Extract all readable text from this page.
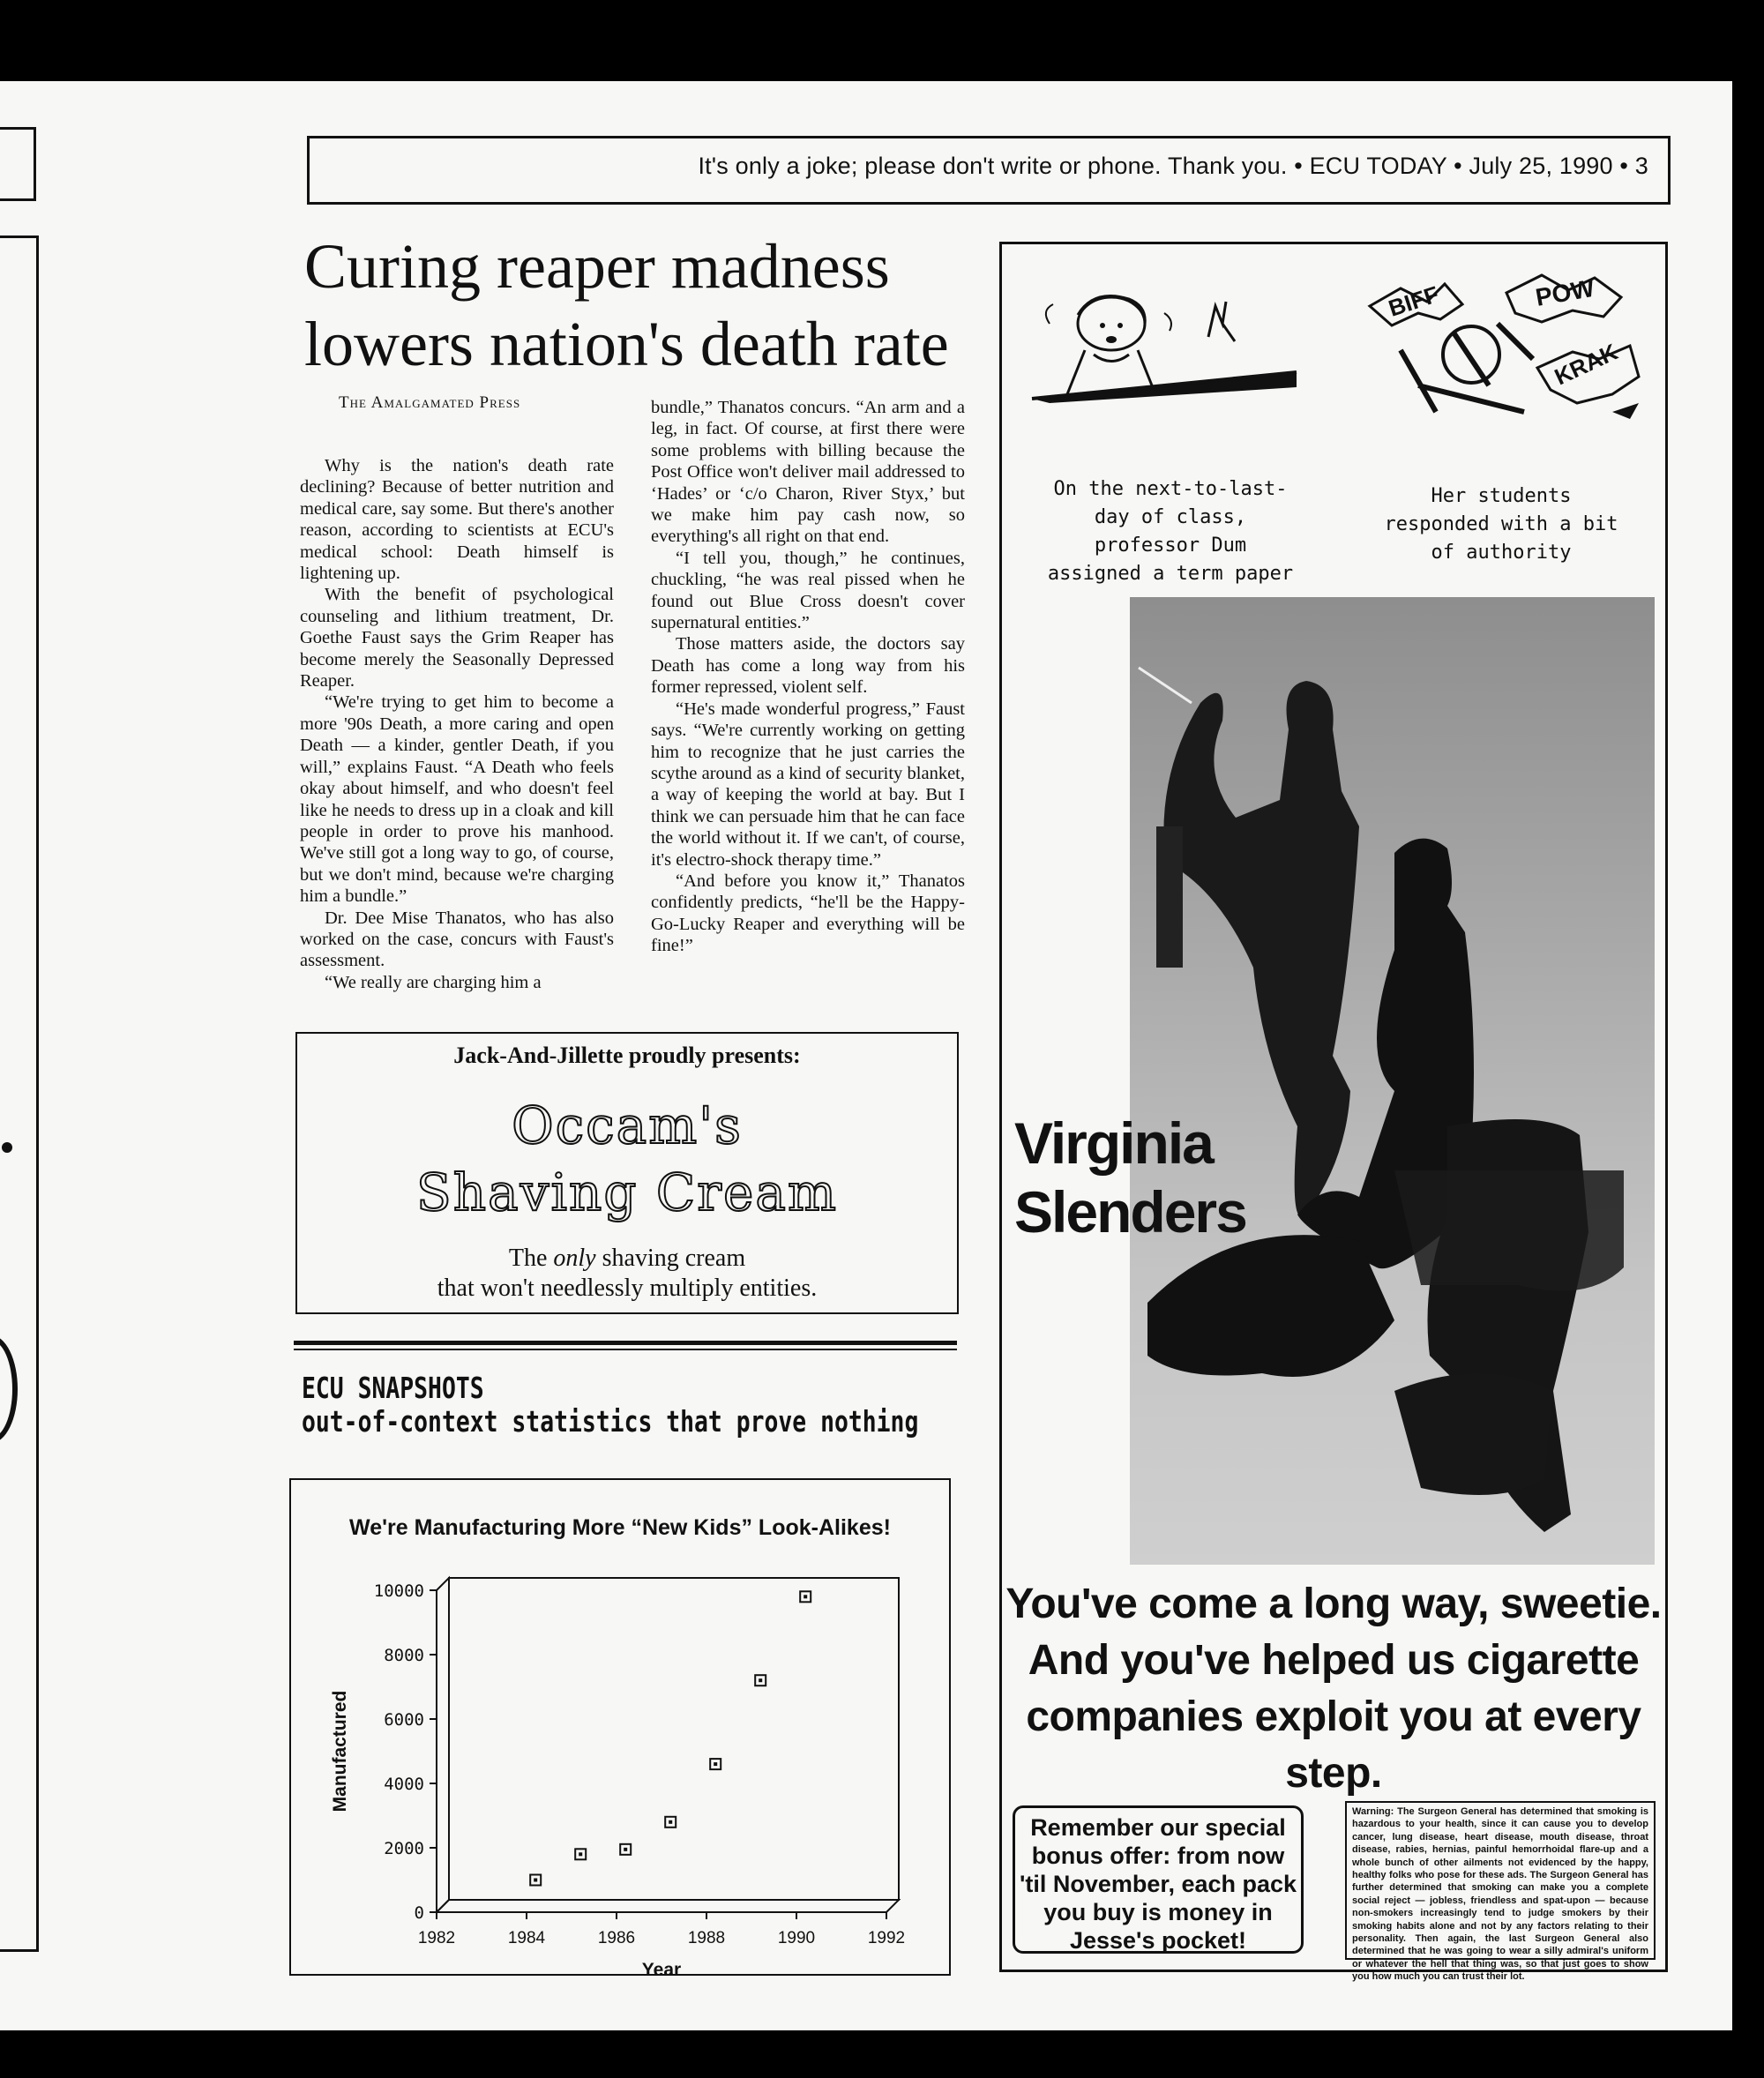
It's only a joke; please don't write or phone. Thank you. • ECU TODAY • July 25, 1990 • 3
Curing reaper madness lowers nation's death rate
The Amalgamated Press

Why is the nation's death rate declining? Because of better nutrition and medical care, say some. But there's another reason, according to scientists at ECU's medical school: Death himself is lightening up.

With the benefit of psychological counseling and lithium treatment, Dr. Goethe Faust says the Grim Reaper has become merely the Seasonally Depressed Reaper.

“We're trying to get him to become a more '90s Death, a more caring and open Death — a kinder, gentler Death, if you will,” explains Faust. “A Death who feels okay about himself, and who doesn't feel like he needs to dress up in a cloak and kill people in order to prove his manhood. We've still got a long way to go, of course, but we don't mind, because we're charging him a bundle.”

Dr. Dee Mise Thanatos, who has also worked on the case, concurs with Faust's assessment.

“We really are charging him a

bundle,” Thanatos concurs. “An arm and a leg, in fact. Of course, at first there were some problems with billing because the Post Office won't deliver mail addressed to ‘Hades’ or ‘c/o Charon, River Styx,’ but we make him pay cash now, so everything's all right on that end.

“I tell you, though,” he continues, chuckling, “he was real pissed when he found out Blue Cross doesn't cover supernatural entities.”

Those matters aside, the doctors say Death has come a long way from his former repressed, violent self.

“He's made wonderful progress,” Faust says. “We're currently working on getting him to recognize that he just carries the scythe around as a kind of security blanket, a way of keeping the world at bay. But I think we can persuade him that he can face the world without it. If we can't, of course, it's electro-shock therapy time.”

“And before you know it,” Thanatos confidently predicts, “he'll be the Happy-Go-Lucky Reaper and everything will be fine!”

Jack-And-Jillette proudly presents:
Occam's
Shaving Cream
The only shaving cream
that won't needlessly multiply entities.
ECU SNAPSHOTS
out-of-context statistics that prove nothing
We're Manufacturing More “New Kids” Look-Alikes!
0
2000
4000
6000
8000
10000
1982	1984	1986	1988	1990	1992
Year
Manufactured
BIFF	POW
KRAK
On the next-to-last-
day of class,
professor Dum
assigned a term paper
Her students
responded with a bit
of authority
Virginia
Slenders
You've come a long way, sweetie. And you've helped us cigarette companies exploit you at every step.
Remember our special bonus offer: from now 'til November, each pack you buy is money in Jesse's pocket!
Warning: The Surgeon General has determined that smoking is hazardous to your health, since it can cause you to develop cancer, lung disease, heart disease, mouth disease, throat disease, rabies, hernias, painful hemorrhoidal flare-up and a whole bunch of other ailments not evidenced by the happy, healthy folks who pose for these ads. The Surgeon General has further determined that smoking can make you a complete social reject — jobless, friendless and spat-upon — because non-smokers increasingly tend to judge smokers by their smoking habits alone and not by any factors relating to their personality. Then again, the last Surgeon General also determined that he was going to wear a silly admiral's uniform or whatever the hell that thing was, so that just goes to show you how much you can trust their lot.
